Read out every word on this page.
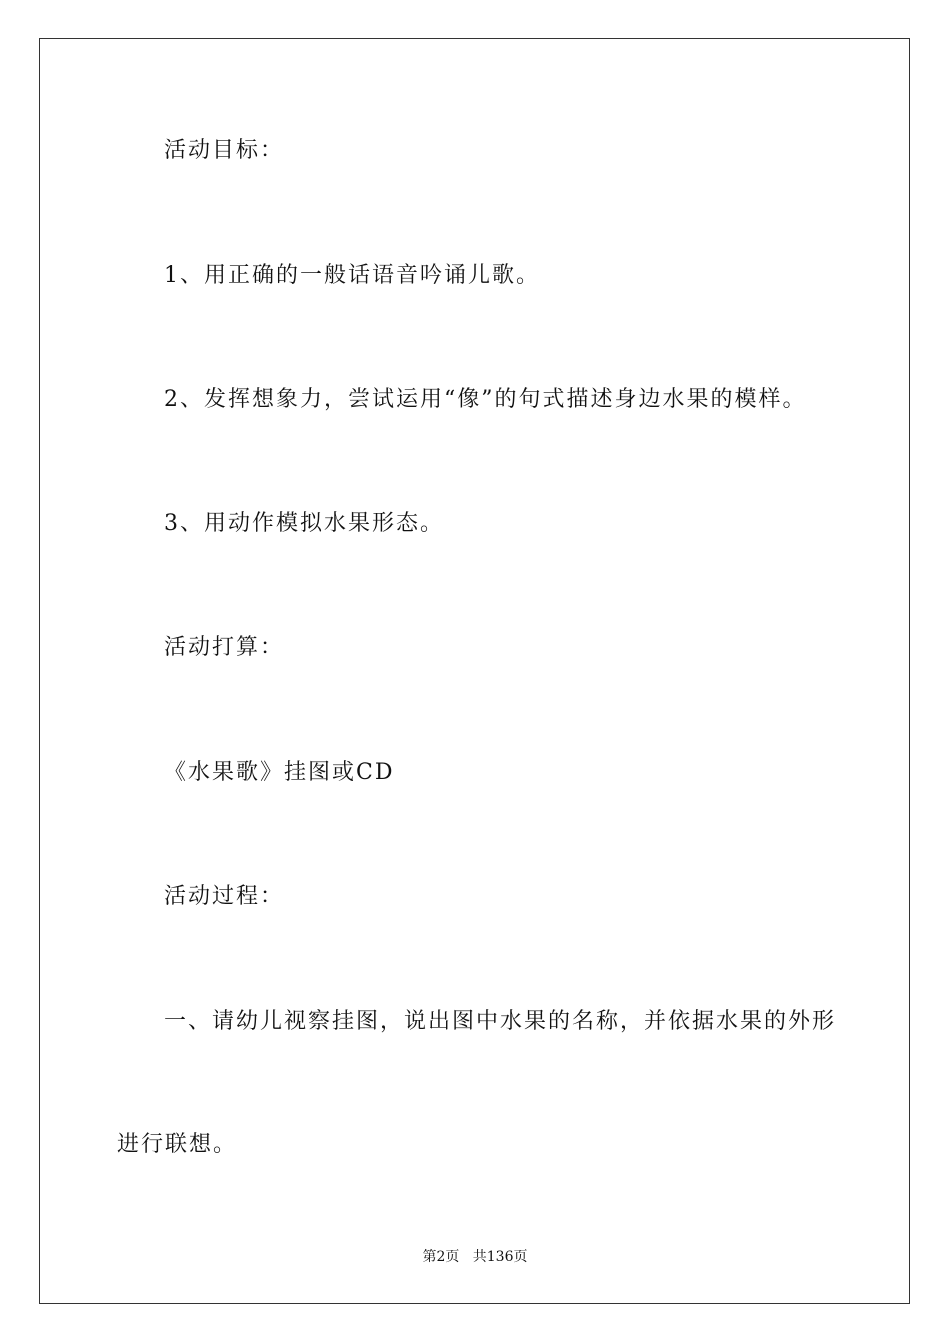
活动目标：
1、用正确的一般话语音吟诵儿歌。
2、发挥想象力，尝试运用“像”的句式描述身边水果的模样。
3、用动作模拟水果形态。
活动打算：
《水果歌》挂图或CD
活动过程：
一、请幼儿视察挂图，说出图中水果的名称，并依据水果的外形
进行联想。
第2页   共136页
